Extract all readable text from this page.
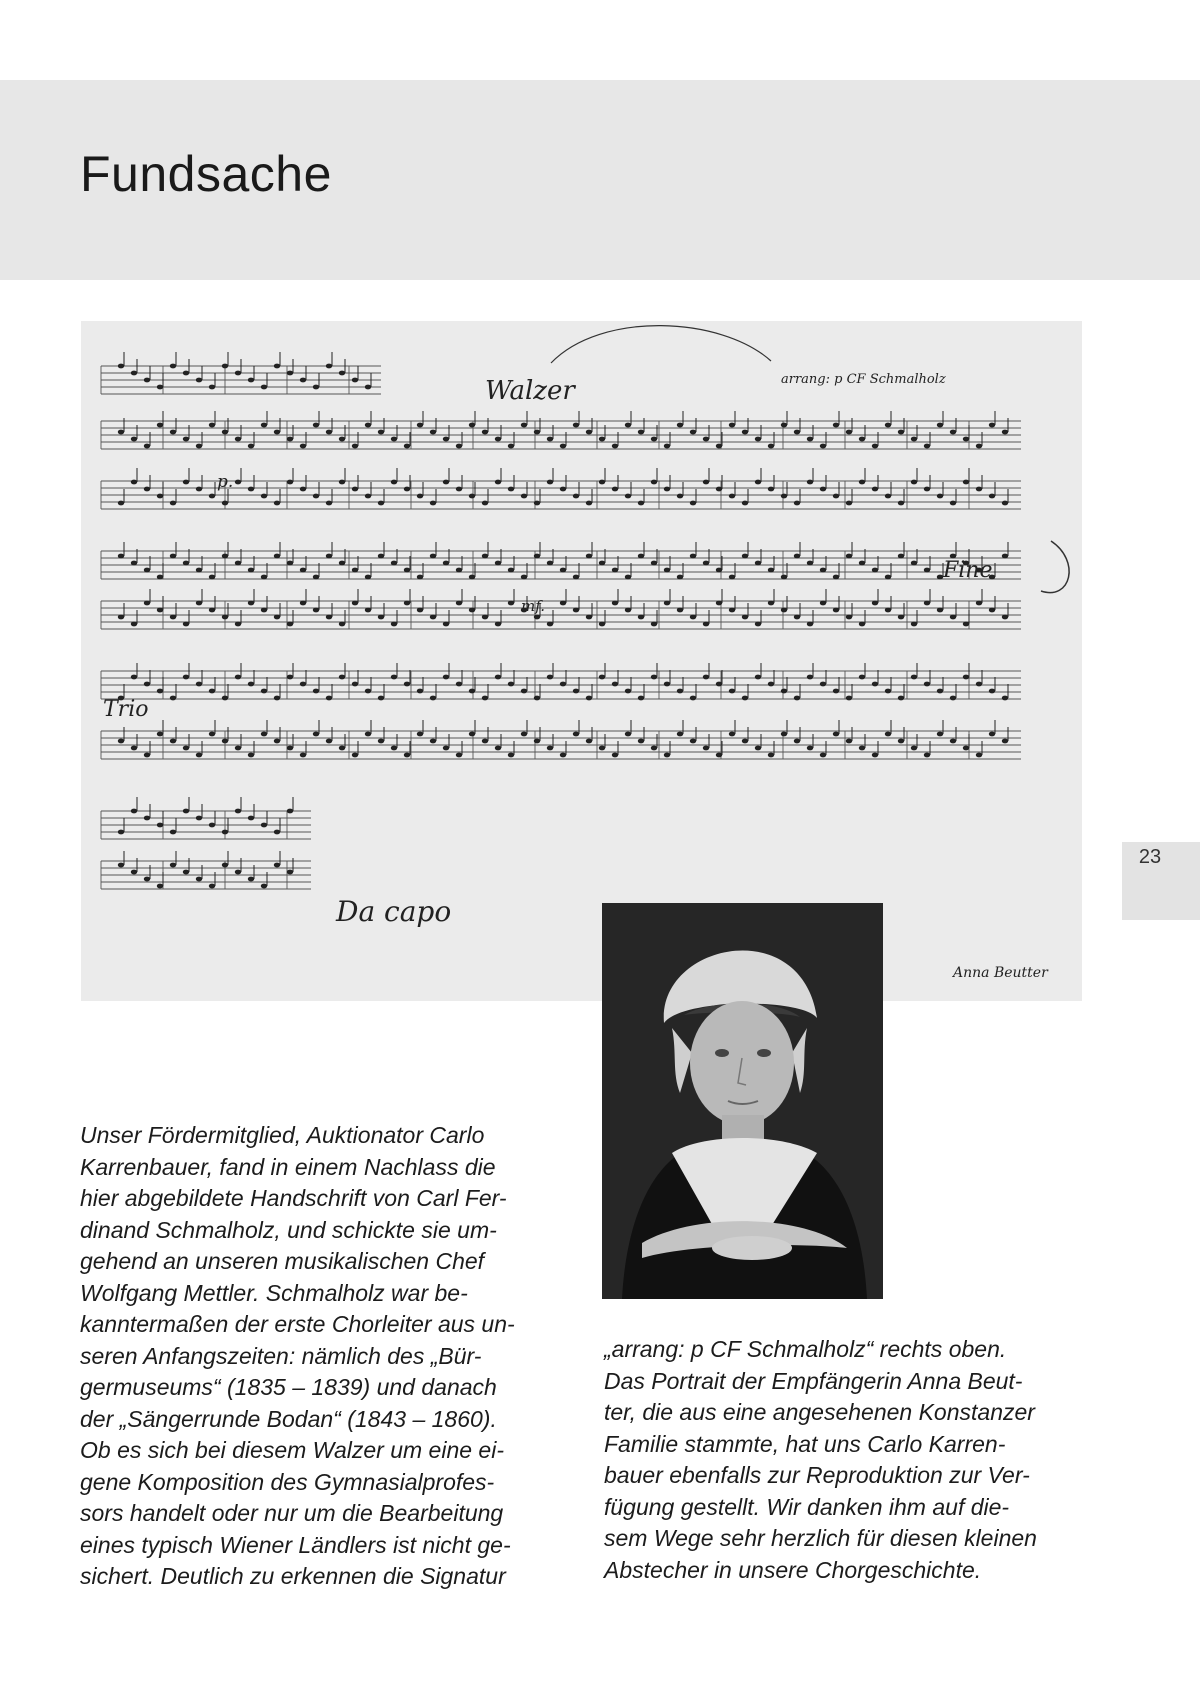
Fundsache
23
Walzer	arrang: p CF Schmalholz
Trio
Fine
Da capo
Anna Beutter
p.
mf.

Unser Fördermitglied, Auktionator Carlo
Karrenbauer, fand in einem Nachlass die
hier abgebildete Handschrift von Carl Fer-
dinand Schmalholz, und schickte sie um-
gehend an unseren musikalischen Chef
Wolfgang Mettler. Schmalholz war be-
kanntermaßen der erste Chorleiter aus un-
seren Anfangszeiten: nämlich des „Bür-
germuseums“ (1835 – 1839) und danach
der „Sängerrunde Bodan“ (1843 – 1860).
Ob es sich bei diesem Walzer um eine ei-
gene Komposition des Gymnasialprofes-
sors handelt oder nur um die Bearbeitung
eines typisch Wiener Ländlers ist nicht ge-
sichert. Deutlich zu erkennen die Signatur

„arrang: p CF Schmalholz“ rechts oben.
Das Portrait der Empfängerin Anna Beut-
ter, die aus eine angesehenen Konstanzer
Familie stammte, hat uns Carlo Karren-
bauer ebenfalls zur Reproduktion zur Ver-
fügung gestellt. Wir danken ihm auf die-
sem Wege sehr herzlich für diesen kleinen
Abstecher in unsere Chorgeschichte.
